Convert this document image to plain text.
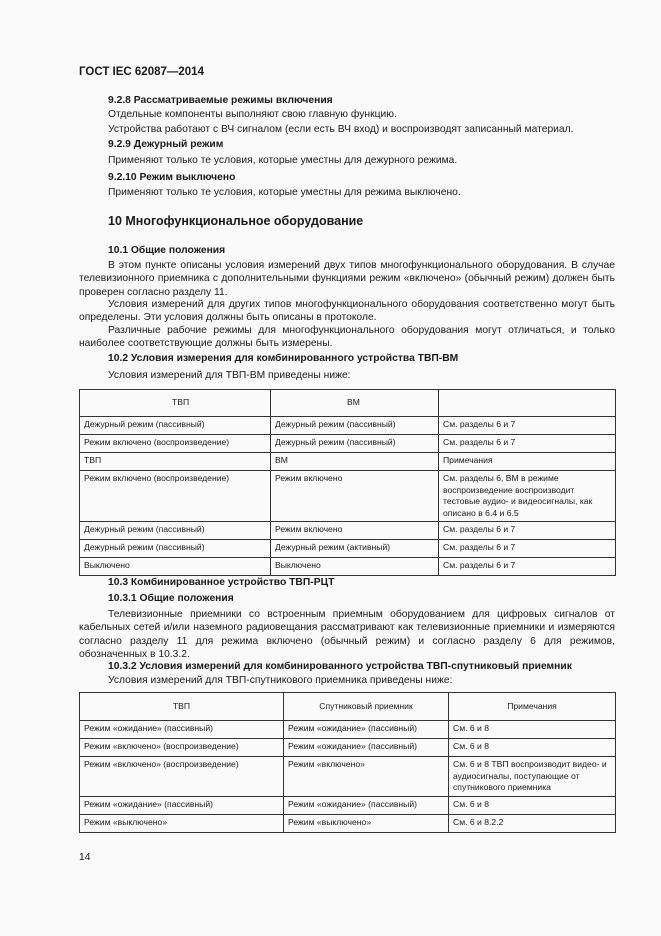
ГОСТ IEC 62087—2014
9.2.8 Рассматриваемые режимы включения
Отдельные компоненты выполняют свою главную функцию.
Устройства работают с ВЧ сигналом (если есть ВЧ вход) и воспроизводят записанный материал.
9.2.9 Дежурный режим
Применяют только те условия, которые уместны для дежурного режима.
9.2.10 Режим выключено
Применяют только те условия, которые уместны для режима выключено.
10 Многофункциональное оборудование
10.1 Общие положения
В этом пункте описаны условия измерений двух типов многофункционального оборудования. В случае телевизионного приемника с дополнительными функциями режим «включено» (обычный режим) должен быть проверен согласно разделу 11.
Условия измерений для других типов многофункционального оборудования соответственно могут быть определены. Эти условия должны быть описаны в протоколе.
Различные рабочие режимы для многофункционального оборудования могут отличаться, и только наиболее соответствующие должны быть измерены.
10.2 Условия измерения для комбинированного устройства ТВП-ВМ
Условия измерений для ТВП-ВМ приведены ниже:
ТВП	ВМ	
Дежурный режим (пассивный)	Дежурный режим (пассивный)	См. разделы 6 и 7
Режим включено (воспроизведение)	Дежурный режим (пассивный)	См. разделы 6 и 7
ТВП	ВМ	Примечания
Режим включено (воспроизведение)	Режим включено	См. разделы 6, ВМ в режиме воспроизведение воспроизводит тестовые аудио- и видеосигналы, как описано в 6.4 и 6.5
Дежурный режим (пассивный)	Режим включено	См. разделы 6 и 7
Дежурный режим (пассивный)	Дежурный режим (активный)	См. разделы 6 и 7
Выключено	Выключено	См. разделы 6 и 7
10.3 Комбинированное устройство ТВП-РЦТ
10.3.1 Общие положения
Телевизионные приемники со встроенным приемным оборудованием для цифровых сигналов от кабельных сетей и/или наземного радиовещания рассматривают как телевизионные приемники и измеряются согласно разделу 11 для режима включено (обычный режим) и согласно разделу 6 для режимов, обозначенных в 10.3.2.
10.3.2 Условия измерений для комбинированного устройства ТВП-спутниковый приемник
Условия измерений для ТВП-спутникового приемника приведены ниже:
ТВП	Спутниковый приемник	Примечания
Режим «ожидание» (пассивный)	Режим «ожидание» (пассивный)	См. 6 и 8
Режим «включено» (воспроизведение)	Режим «ожидание» (пассивный)	См. 6 и 8
Режим «включено» (воспроизведение)	Режим «включено»	См. 6 и 8 ТВП воспроизводит видео- и аудиосигналы, поступающие от спутникового приемника
Режим «ожидание» (пассивный)	Режим «ожидание» (пассивный)	См. 6 и 8
Режим «выключено»	Режим «выключено»	См. 6 и 8.2.2
14
